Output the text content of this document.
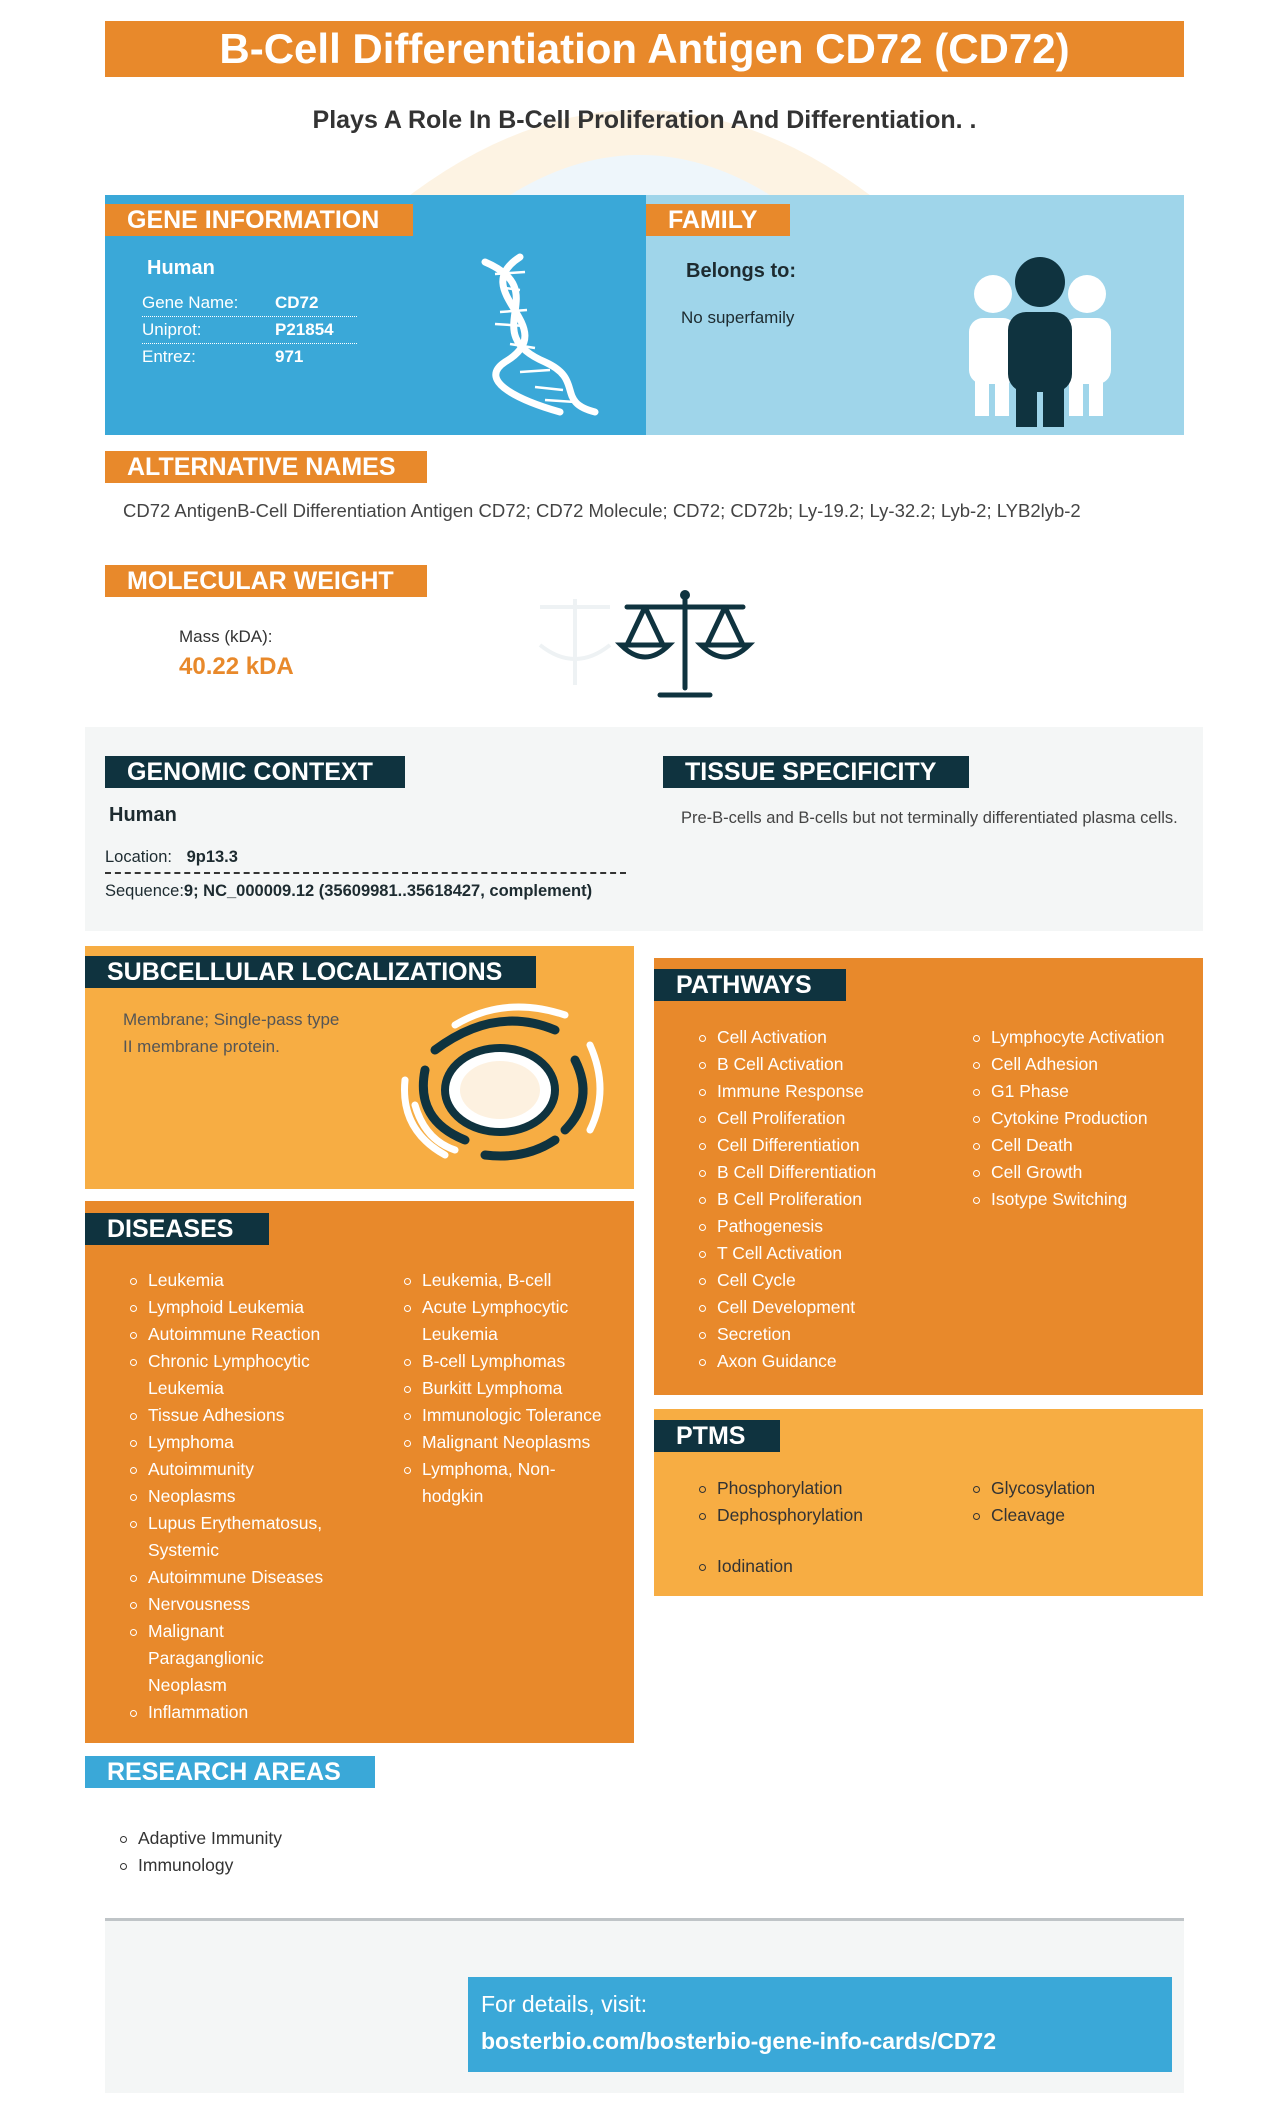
B-Cell Differentiation Antigen CD72 (CD72)
Plays A Role In B-Cell Proliferation And Differentiation. .
GENE INFORMATION
Human
Gene Name:	CD72
Uniprot:	P21854
Entrez:	971
FAMILY
Belongs to:
No superfamily
ALTERNATIVE NAMES
CD72 AntigenB-Cell Differentiation Antigen CD72; CD72 Molecule; CD72; CD72b; Ly-19.2; Ly-32.2; Lyb-2; LYB2lyb-2
MOLECULAR WEIGHT
Mass (kDA):
40.22 kDA
GENOMIC CONTEXT
Human
Location: 9p13.3
Sequence:9; NC_000009.12 (35609981..35618427, complement)
TISSUE SPECIFICITY
Pre-B-cells and B-cells but not terminally differentiated plasma cells.
SUBCELLULAR LOCALIZATIONS
Membrane; Single-pass type II membrane protein.
DISEASES
Leukemia
Lymphoid Leukemia
Autoimmune Reaction
Chronic Lymphocytic Leukemia
Tissue Adhesions
Lymphoma
Autoimmunity
Neoplasms
Lupus Erythematosus, Systemic
Autoimmune Diseases
Nervousness
Malignant Paraganglionic Neoplasm
Inflammation
Leukemia, B-cell
Acute Lymphocytic Leukemia
B-cell Lymphomas
Burkitt Lymphoma
Immunologic Tolerance
Malignant Neoplasms
Lymphoma, Non-hodgkin
PATHWAYS
Cell Activation
B Cell Activation
Immune Response
Cell Proliferation
Cell Differentiation
B Cell Differentiation
B Cell Proliferation
Pathogenesis
T Cell Activation
Cell Cycle
Cell Development
Secretion
Axon Guidance
Lymphocyte Activation
Cell Adhesion
G1 Phase
Cytokine Production
Cell Death
Cell Growth
Isotype Switching
PTMS
Phosphorylation
Dephosphorylation
Glycosylation
Cleavage
Iodination
RESEARCH AREAS
Adaptive Immunity
Immunology
For details, visit:
bosterbio.com/bosterbio-gene-info-cards/CD72
